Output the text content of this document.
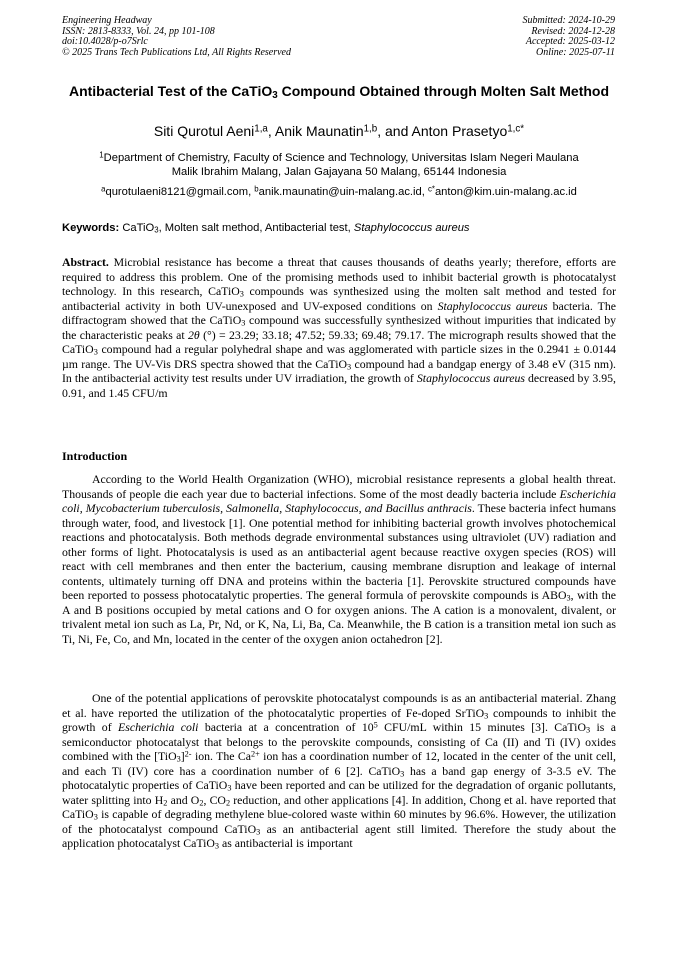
Engineering Headway
ISSN: 2813-8333, Vol. 24, pp 101-108
doi:10.4028/p-o7Srlc
© 2025 Trans Tech Publications Ltd, All Rights Reserved
Submitted: 2024-10-29
Revised: 2024-12-28
Accepted: 2025-03-12
Online: 2025-07-11
Antibacterial Test of the CaTiO$_3$ Compound Obtained through Molten Salt Method
Siti Qurotul Aeni$^{1,a}$, Anik Maunatin$^{1,b}$, and Anton Prasetyo$^{1,c*}$
$^1$Department of Chemistry, Faculty of Science and Technology, Universitas Islam Negeri Maulana
Malik Ibrahim Malang, Jalan Gajayana 50 Malang, 65144 Indonesia
$^a$qurotulaeni8121@gmail.com, $^b$anik.maunatin@uin-malang.ac.id, $^{c*}$anton@kim.uin-malang.ac.id
Keywords: CaTiO$_3$, Molten salt method, Antibacterial test, Staphylococcus aureus
Abstract. Microbial resistance has become a threat that causes thousands of deaths yearly; therefore, efforts are required to address this problem. One of the promising methods used to inhibit bacterial growth is photocatalyst technology. In this research, CaTiO$_3$ compounds was synthesized using the molten salt method and tested for antibacterial activity in both UV-unexposed and UV-exposed conditions on Staphylococcus aureus bacteria. The diffractogram showed that the CaTiO$_3$ compound was successfully synthesized without impurities that indicated by the characteristic peaks at 2θ (°) = 23.29; 33.18; 47.52; 59.33; 69.48; 79.17. The micrograph results showed that the CaTiO$_3$ compound had a regular polyhedral shape and was agglomerated with particle sizes in the 0.2941 ± 0.0144 µm range. The UV-Vis DRS spectra showed that the CaTiO$_3$ compound had a bandgap energy of 3.48 eV (315 nm). In the antibacterial activity test results under UV irradiation, the growth of Staphylococcus aureus decreased by 3.95, 0.91, and 1.45 CFU/m
Introduction
According to the World Health Organization (WHO), microbial resistance represents a global health threat. Thousands of people die each year due to bacterial infections. Some of the most deadly bacteria include Escherichia coli, Mycobacterium tuberculosis, Salmonella, Staphylococcus, and Bacillus anthracis. These bacteria infect humans through water, food, and livestock [1]. One potential method for inhibiting bacterial growth involves photochemical reactions and photocatalysis. Both methods degrade environmental substances using ultraviolet (UV) radiation and other forms of light. Photocatalysis is used as an antibacterial agent because reactive oxygen species (ROS) will react with cell membranes and then enter the bacterium, causing membrane disruption and leakage of internal contents, ultimately turning off DNA and proteins within the bacteria [1]. Perovskite structured compounds have been reported to possess photocatalytic properties. The general formula of perovskite compounds is $ABO_3$, with the A and B positions occupied by metal cations and O for oxygen anions. The A cation is a monovalent, divalent, or trivalent metal ion such as La, Pr, Nd, or K, Na, Li, Ba, Ca. Meanwhile, the B cation is a transition metal ion such as Ti, Ni, Fe, Co, and Mn, located in the center of the oxygen anion octahedron [2].
One of the potential applications of perovskite photocatalyst compounds is as an antibacterial material. Zhang et al. have reported the utilization of the photocatalytic properties of Fe-doped SrTiO$_3$ compounds to inhibit the growth of Escherichia coli bacteria at a concentration of $10^5$ CFU/mL within 15 minutes [3]. CaTiO$_3$ is a semiconductor photocatalyst that belongs to the perovskite compounds, consisting of Ca (II) and Ti (IV) oxides combined with the $[TiO_3]^{2-}$ ion. The $Ca^{2+}$ ion has a coordination number of 12, located in the center of the unit cell, and each Ti (IV) core has a coordination number of 6 [2]. CaTiO$_3$ has a band gap energy of 3-3.5 eV. The photocatalytic properties of CaTiO$_3$ have been reported and can be utilized for the degradation of organic pollutants, water splitting into $H_2$ and $O_2$, $CO_2$ reduction, and other applications [4]. In addition, Chong et al. have reported that CaTiO$_3$ is capable of degrading methylene blue-colored waste within 60 minutes by 96.6%. However, the utilization of the photocatalyst compound CaTiO$_3$ as an antibacterial agent still limited. Therefore the study about the application photocatalyst CaTiO$_3$ as antibacterial is important
